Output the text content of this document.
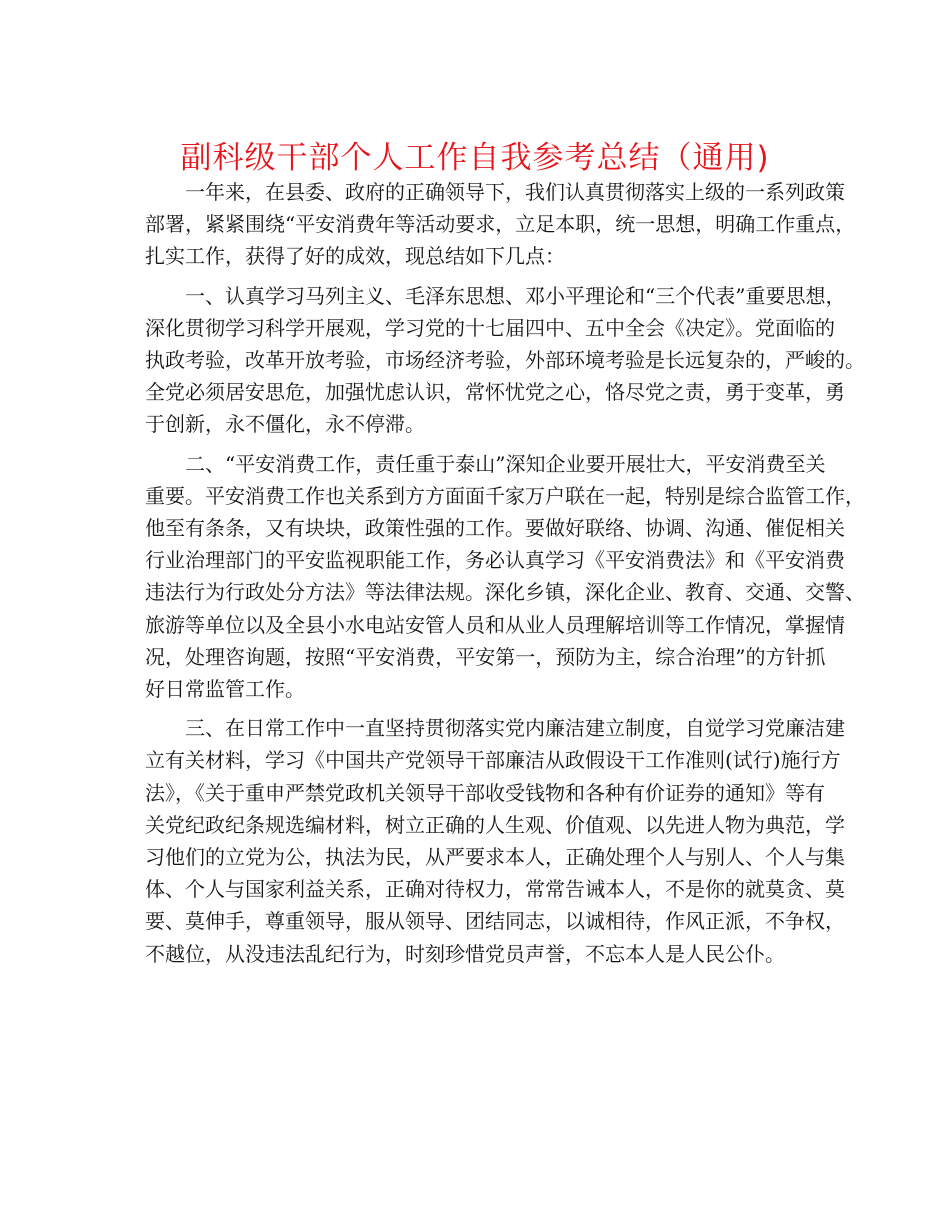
副科级干部个人工作自我参考总结（通用)
一年来，在县委、政府的正确领导下，我们认真贯彻落实上级的一系列政策
部署，紧紧围绕“平安消费年等活动要求，立足本职，统一思想，明确工作重点，
扎实工作，获得了好的成效，现总结如下几点：
一、认真学习马列主义、毛泽东思想、邓小平理论和“三个代表”重要思想，
深化贯彻学习科学开展观，学习党的十七届四中、五中全会《决定》。党面临的
执政考验，改革开放考验，市场经济考验，外部环境考验是长远复杂的，严峻的。
全党必须居安思危，加强忧虑认识，常怀忧党之心，恪尽党之责，勇于变革，勇
于创新，永不僵化，永不停滞。
二、“平安消费工作，责任重于泰山”深知企业要开展壮大，平安消费至关
重要。平安消费工作也关系到方方面面千家万户联在一起，特别是综合监管工作，
他至有条条，又有块块，政策性强的工作。要做好联络、协调、沟通、催促相关
行业治理部门的平安监视职能工作，务必认真学习《平安消费法》和《平安消费
违法行为行政处分方法》等法律法规。深化乡镇，深化企业、教育、交通、交警、
旅游等单位以及全县小水电站安管人员和从业人员理解培训等工作情况，掌握情
况，处理咨询题，按照“平安消费，平安第一，预防为主，综合治理”的方针抓
好日常监管工作。
三、在日常工作中一直坚持贯彻落实党内廉洁建立制度，自觉学习党廉洁建
立有关材料，学习《中国共产党领导干部廉洁从政假设干工作准则(试行)施行方
法》，《关于重申严禁党政机关领导干部收受钱物和各种有价证券的通知》等有
关党纪政纪条规选编材料，树立正确的人生观、价值观、以先进人物为典范，学
习他们的立党为公，执法为民，从严要求本人，正确处理个人与别人、个人与集
体、个人与国家利益关系，正确对待权力，常常告诫本人，不是你的就莫贪、莫
要、莫伸手，尊重领导，服从领导、团结同志，以诚相待，作风正派，不争权，
不越位，从没违法乱纪行为，时刻珍惜党员声誉，不忘本人是人民公仆。
